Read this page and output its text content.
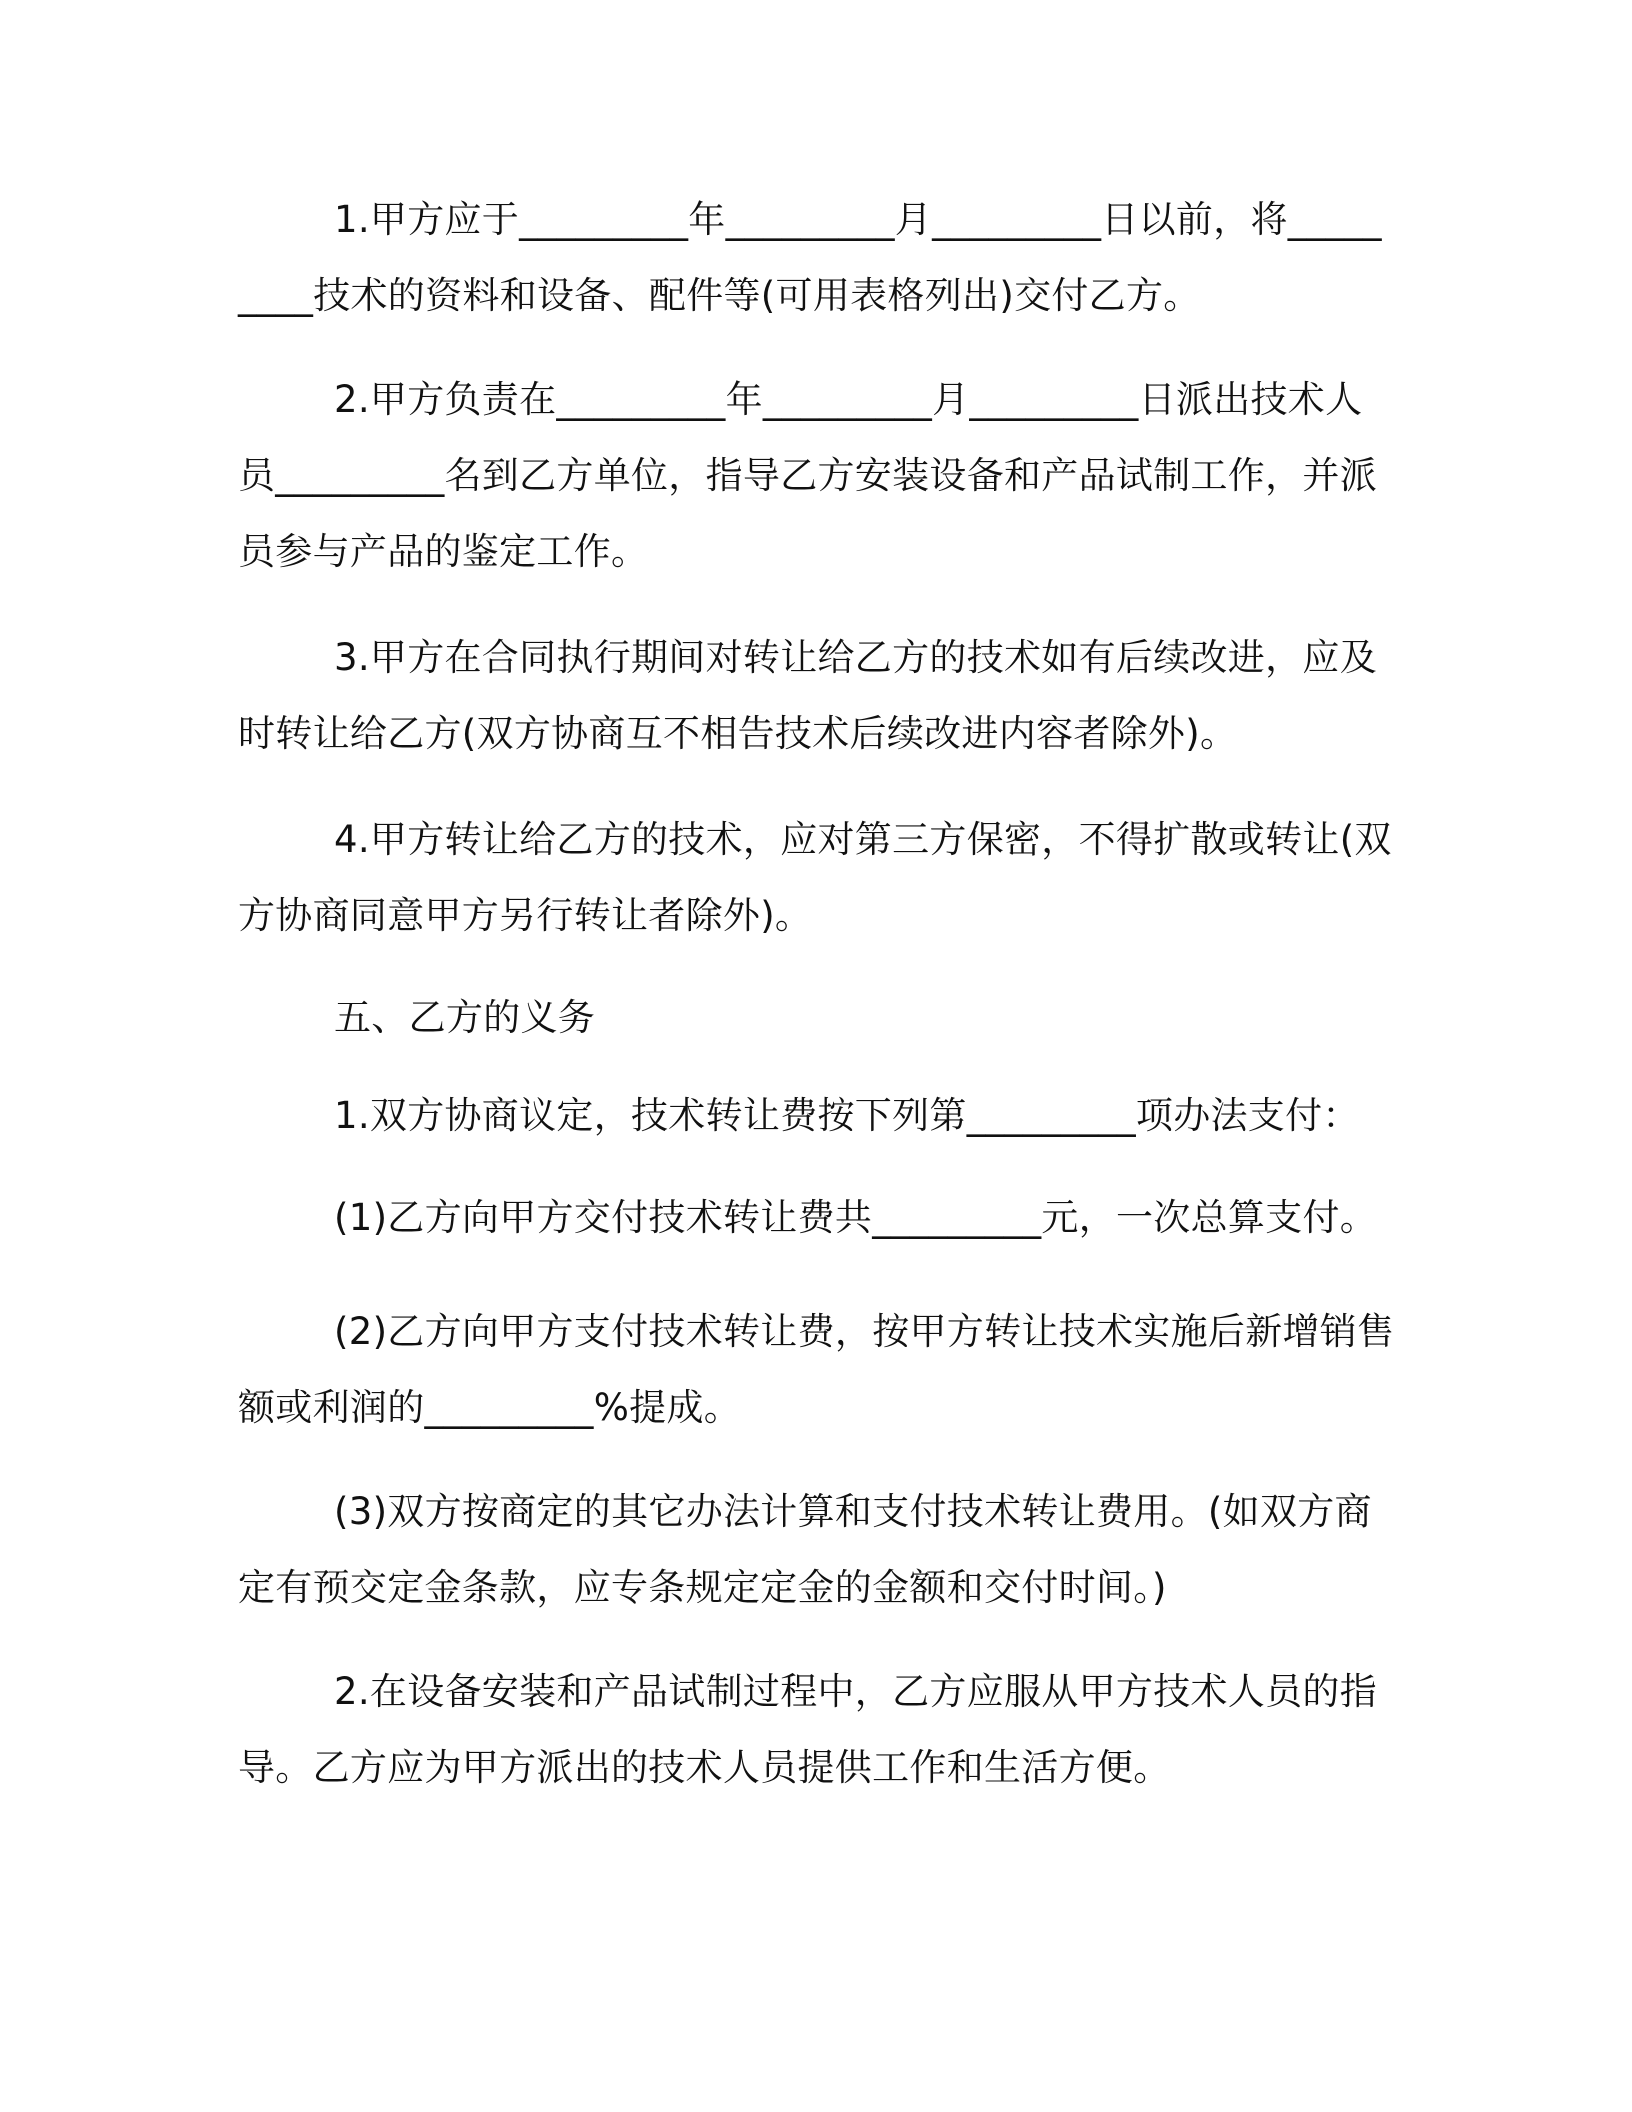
1.甲方应于_________年_________月_________日以前，将_________技术的资料和设备、配件等(可用表格列出)交付乙方。

2.甲方负责在_________年_________月_________日派出技术人员_________名到乙方单位，指导乙方安装设备和产品试制工作，并派员参与产品的鉴定工作。

3.甲方在合同执行期间对转让给乙方的技术如有后续改进，应及时转让给乙方(双方协商互不相告技术后续改进内容者除外)。

4.甲方转让给乙方的技术，应对第三方保密，不得扩散或转让(双方协商同意甲方另行转让者除外)。

五、乙方的义务

1.双方协商议定，技术转让费按下列第_________项办法支付：

(1)乙方向甲方交付技术转让费共_________元，一次总算支付。

(2)乙方向甲方支付技术转让费，按甲方转让技术实施后新增销售额或利润的_________%提成。

(3)双方按商定的其它办法计算和支付技术转让费用。(如双方商定有预交定金条款，应专条规定定金的金额和交付时间。)

2.在设备安装和产品试制过程中，乙方应服从甲方技术人员的指导。乙方应为甲方派出的技术人员提供工作和生活方便。
